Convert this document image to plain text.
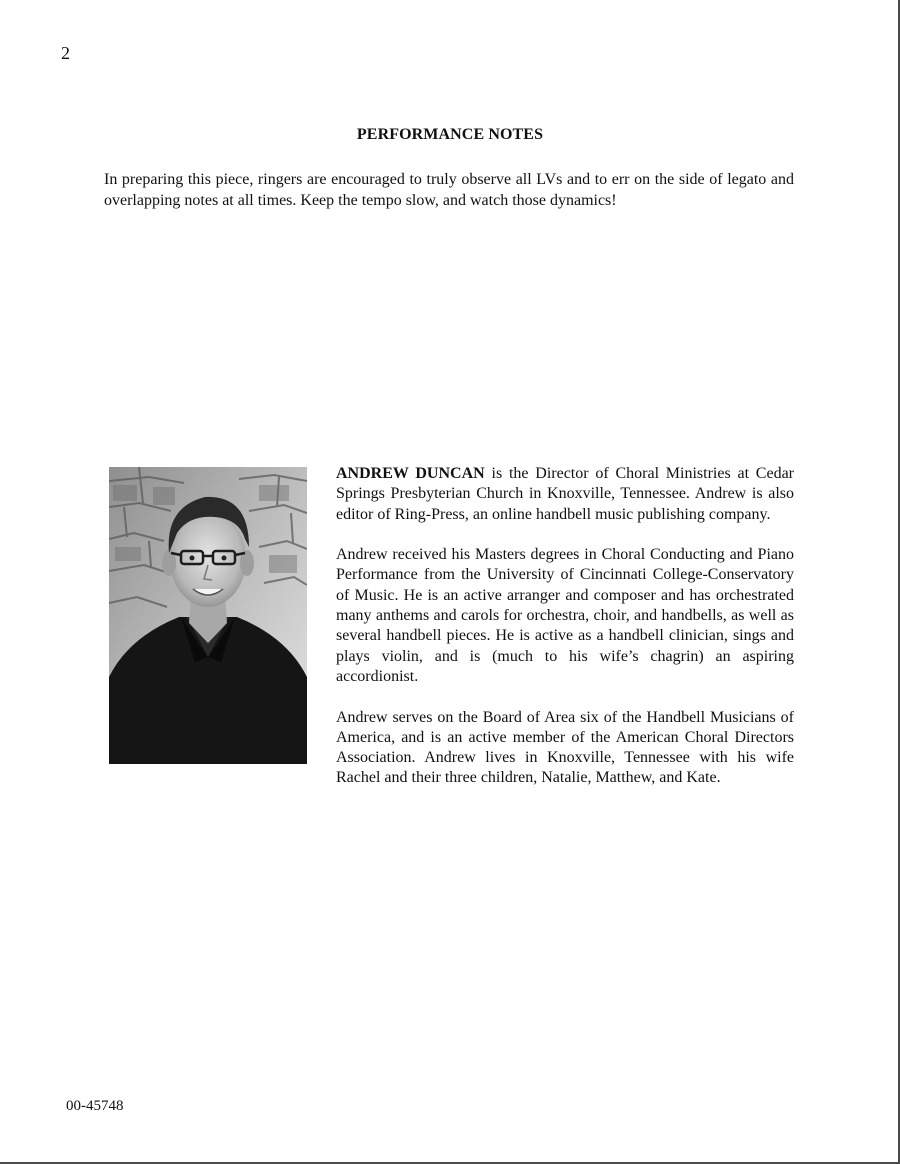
2
PERFORMANCE NOTES

In preparing this piece, ringers are encouraged to truly observe all LVs and to err on the side of legato and overlapping notes at all times. Keep the tempo slow, and watch those dynamics!

ANDREW DUNCAN is the Director of Choral Ministries at Cedar Springs Presbyterian Church in Knoxville, Tennessee. Andrew is also editor of Ring-Press, an online handbell music publishing company.

Andrew received his Masters degrees in Choral Conducting and Piano Performance from the University of Cincinnati College-Conservatory of Music. He is an active arranger and composer and has orchestrated many anthems and carols for orchestra, choir, and handbells, as well as several handbell pieces. He is active as a handbell clinician, sings and plays violin, and is (much to his wife’s chagrin) an aspiring accordionist.

Andrew serves on the Board of Area six of the Handbell Musicians of America, and is an active member of the American Choral Directors Association. Andrew lives in Knoxville, Tennessee with his wife Rachel and their three children, Natalie, Matthew, and Kate.

00-45748
